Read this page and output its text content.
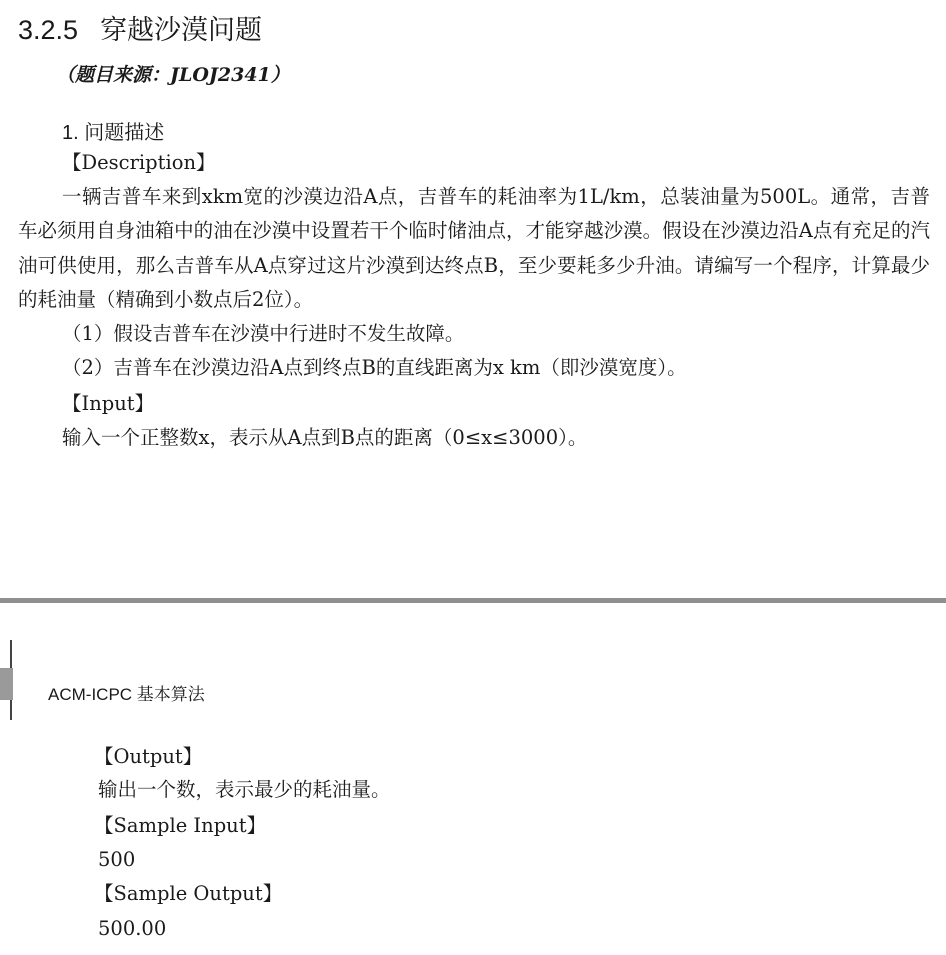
3.2.5 穿越沙漠问题
（题目来源：JLOJ2341）
1. 问题描述
【Description】
一辆吉普车来到xkm宽的沙漠边沿A点，吉普车的耗油率为1L/km，总装油量为500L。通常，吉普车必须用自身油箱中的油在沙漠中设置若干个临时储油点，才能穿越沙漠。假设在沙漠边沿A点有充足的汽油可供使用，那么吉普车从A点穿过这片沙漠到达终点B，至少要耗多少升油。请编写一个程序，计算最少的耗油量（精确到小数点后2位）。
（1）假设吉普车在沙漠中行进时不发生故障。
（2）吉普车在沙漠边沿A点到终点B的直线距离为x km（即沙漠宽度）。
【Input】
输入一个正整数x，表示从A点到B点的距离（0≤x≤3000）。
ACM-ICPC 基本算法
【Output】
输出一个数，表示最少的耗油量。
【Sample Input】
500
【Sample Output】
500.00
